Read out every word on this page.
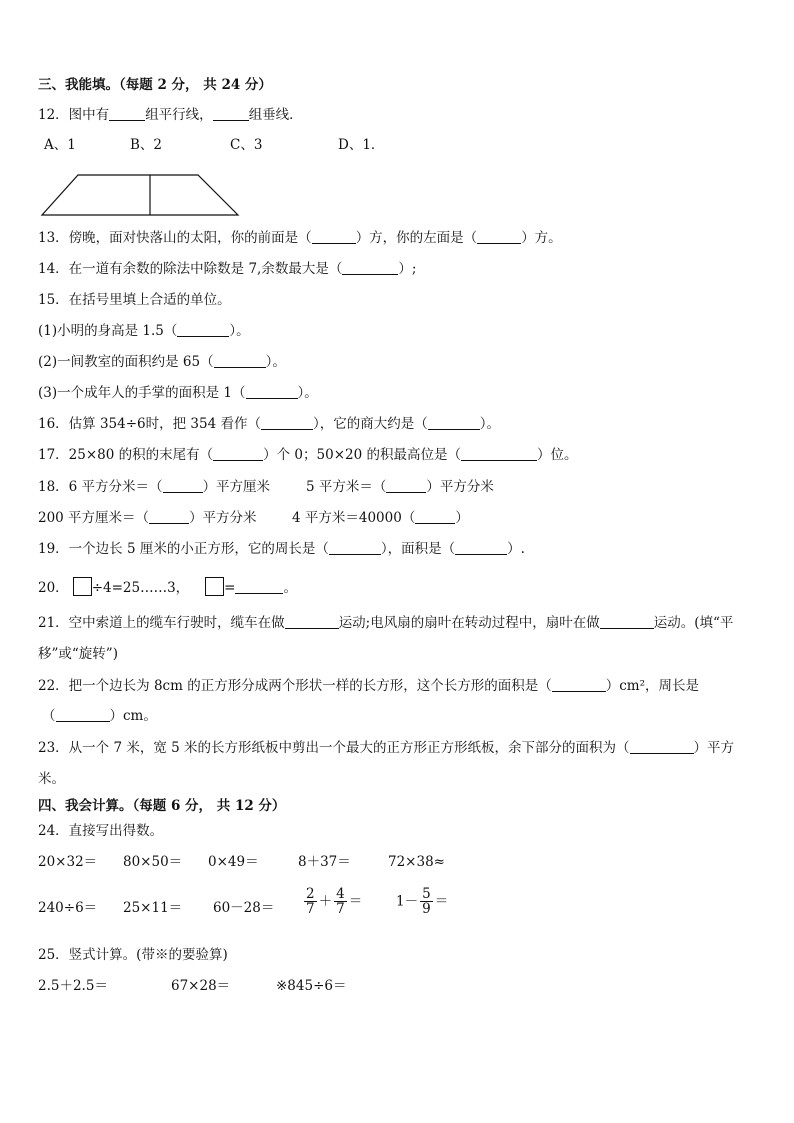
三、我能填。（每题 2 分， 共 24 分）
12．图中有	组平行线，	组垂线．
A、1	B、2	C、3	D、1．
13．傍晚，面对快落山的太阳，你的前面是（	）方，你的左面是（	）方。
14．在一道有余数的除法中除数是 7,余数最大是（	）;
15．在括号里填上合适的单位。
(1)小明的身高是 1.5（	）。
(2)一间教室的面积约是 65（	）。
(3)一个成年人的手掌的面积是 1（	）。
16．估算 354÷6时，把 354 看作（	），它的商大约是（	）。
17．25×80 的积的末尾有（	）个 0；50×20 的积最高位是（	）位。
18．6 平方分米＝（	）平方厘米	5 平方米＝（	）平方分米
200 平方厘米＝（	）平方分米	4 平方米＝40000（	）
19．一个边长 5 厘米的小正方形，它的周长是（	），面积是（	）.
20． ÷4=25……3，	=	。
21．空中索道上的缆车行驶时，缆车在做	运动;电风扇的扇叶在转动过程中，扇叶在做	运动。(填“平
移”或“旋转”)
22．把一个边长为 8cm 的正方形分成两个形状一样的长方形，这个长方形的面积是（	）cm²，周长是
（	）cm。
23．从一个 7 米，宽 5 米的长方形纸板中剪出一个最大的正方形正方形纸板，余下部分的面积为（	）平方
米。
四、我会计算。（每题 6 分， 共 12 分）
24．直接写出得数。
20×32＝ 80×50＝ 0×49＝	8＋37＝	72×38≈
$240\div 6= 25\times 11= 60-28= \frac{2}{7} + \frac{4}{7}$ ＝	$1- \frac{5}{9}$ ＝
25．竖式计算。(带※的要验算)
2.5＋2.5＝	67×28＝	※845÷6＝
